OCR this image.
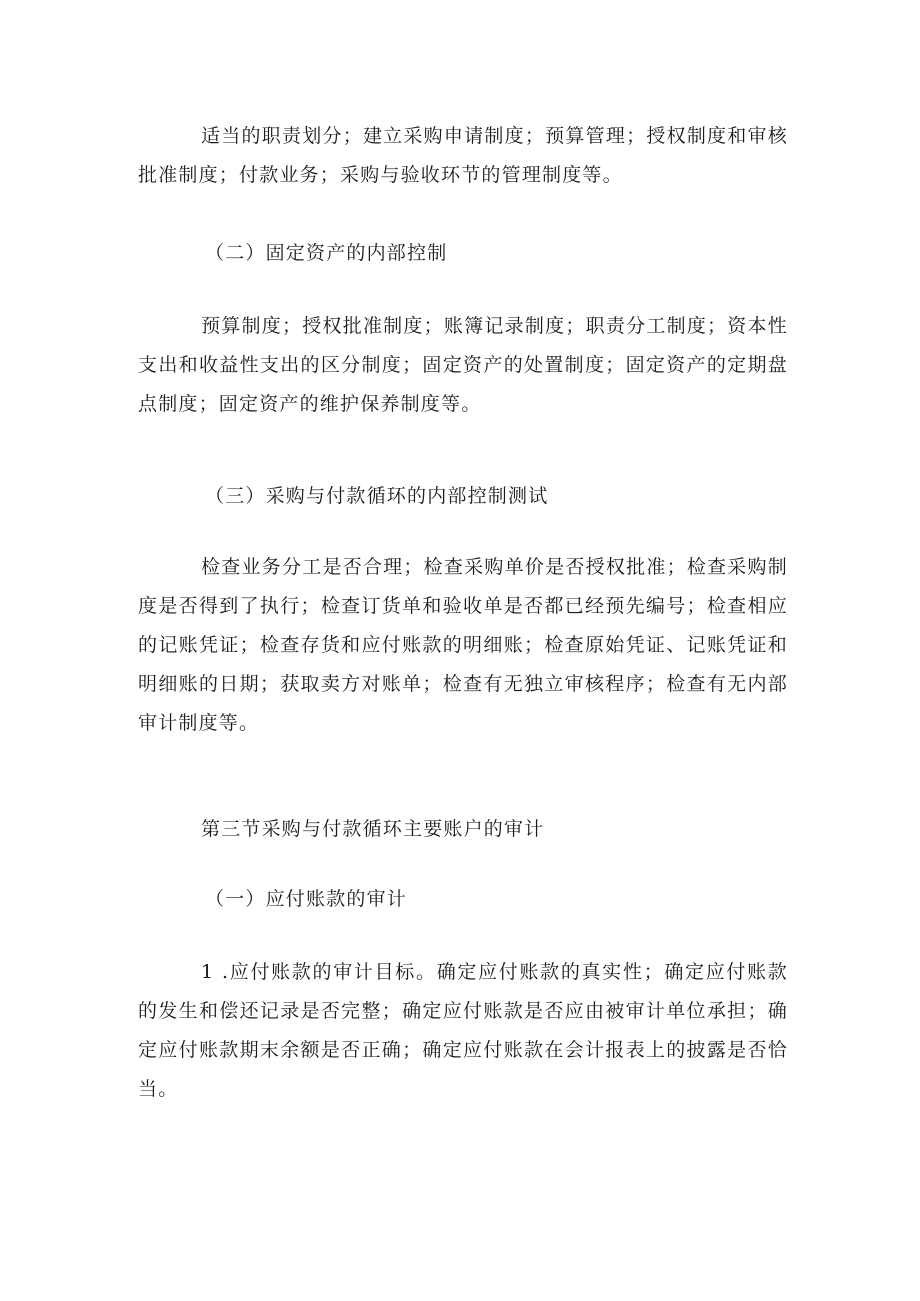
适当的职责划分；建立采购申请制度；预算管理；授权制度和审核批准制度；付款业务；采购与验收环节的管理制度等。

（二）固定资产的内部控制

预算制度；授权批准制度；账簿记录制度；职责分工制度；资本性支出和收益性支出的区分制度；固定资产的处置制度；固定资产的定期盘点制度；固定资产的维护保养制度等。

（三）采购与付款循环的内部控制测试

检查业务分工是否合理；检查采购单价是否授权批准；检查采购制度是否得到了执行；检查订货单和验收单是否都已经预先编号；检查相应的记账凭证；检查存货和应付账款的明细账；检查原始凭证、记账凭证和明细账的日期；获取卖方对账单；检查有无独立审核程序；检查有无内部审计制度等。

第三节采购与付款循环主要账户的审计

（一）应付账款的审计

1 .应付账款的审计目标。确定应付账款的真实性；确定应付账款的发生和偿还记录是否完整；确定应付账款是否应由被审计单位承担；确定应付账款期末余额是否正确；确定应付账款在会计报表上的披露是否恰当。
